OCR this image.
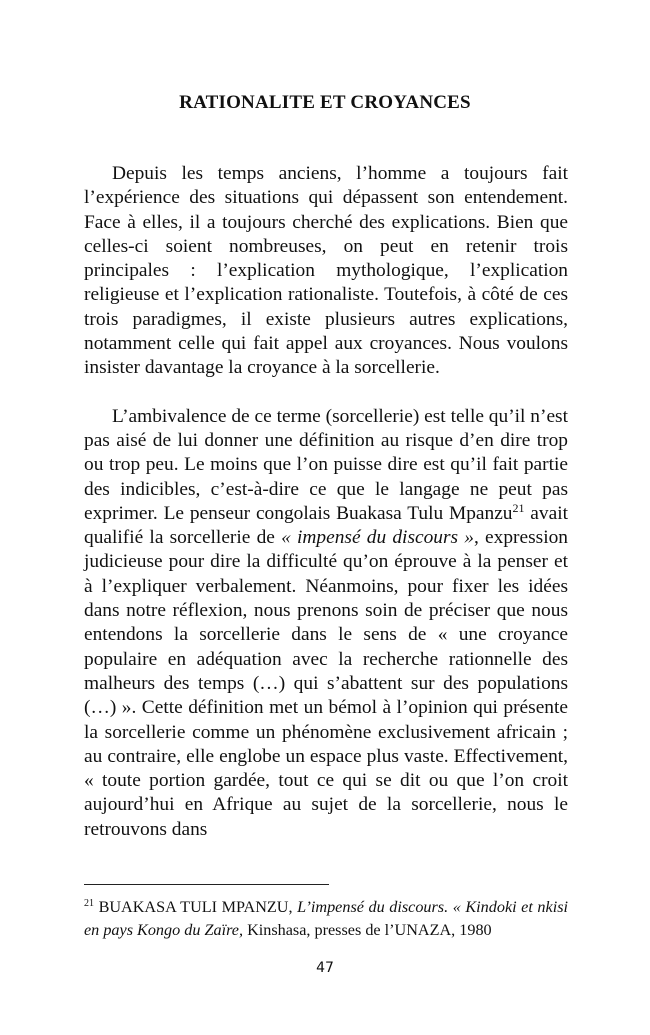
RATIONALITE ET CROYANCES

Depuis les temps anciens, l’homme a toujours fait l’expérience des situations qui dépassent son entendement. Face à elles, il a toujours cherché des explications. Bien que celles-ci soient nombreuses, on peut en retenir trois principales : l’explication mythologique, l’explication religieuse et l’explication rationaliste. Toutefois, à côté de ces trois paradigmes, il existe plusieurs autres explications, notamment celle qui fait appel aux croyances. Nous voulons insister davantage la croyance à la sorcellerie.

L’ambivalence de ce terme (sorcellerie) est telle qu’il n’est pas aisé de lui donner une définition au risque d’en dire trop ou trop peu. Le moins que l’on puisse dire est qu’il fait partie des indicibles, c’est-à-dire ce que le langage ne peut pas exprimer. Le penseur congolais Buakasa Tulu Mpanzu$^{21}$ avait qualifié la sorcellerie de « impensé du discours », expression judicieuse pour dire la difficulté qu’on éprouve à la penser et à l’expliquer verbalement. Néanmoins, pour fixer les idées dans notre réflexion, nous prenons soin de préciser que nous entendons la sorcellerie dans le sens de « une croyance populaire en adéquation avec la recherche rationnelle des malheurs des temps (…) qui s’abattent sur des populations (…) ». Cette définition met un bémol à l’opinion qui présente la sorcellerie comme un phénomène exclusivement africain ; au contraire, elle englobe un espace plus vaste. Effectivement, « toute portion gardée, tout ce qui se dit ou que l’on croit aujourd’hui en Afrique au sujet de la sorcellerie, nous le retrouvons dans

$^{21}$ BUAKASA TULI MPANZU, L’impensé du discours. « Kindoki et nkisi en pays Kongo du Zaïre, Kinshasa, presses de l’UNAZA, 1980
47
